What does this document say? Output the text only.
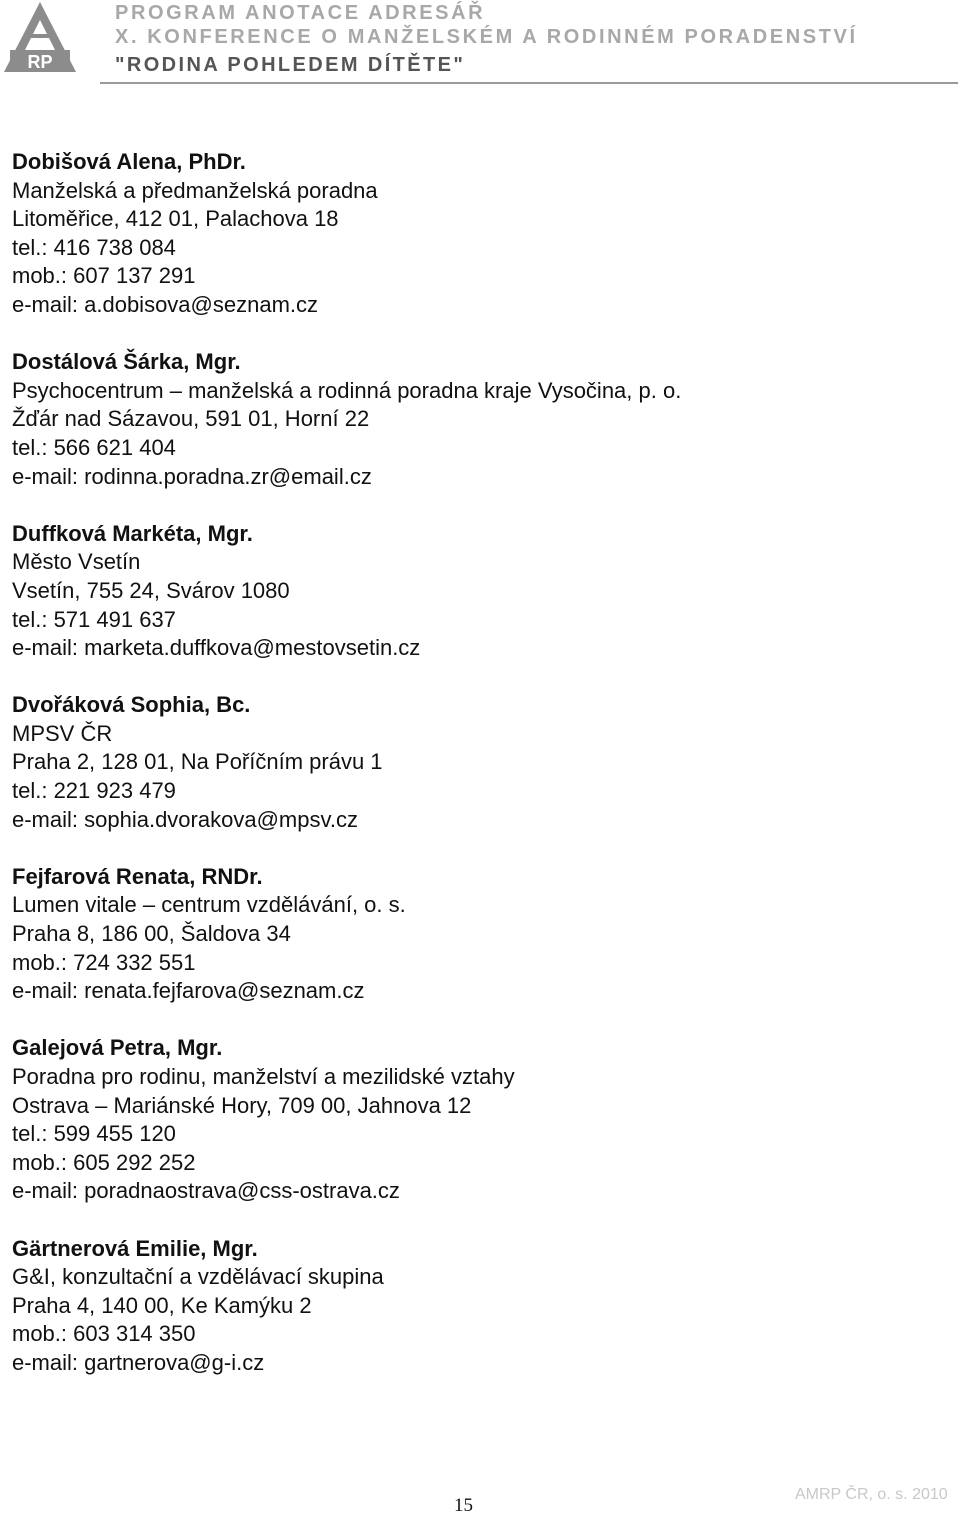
RP
PROGRAM ANOTACE ADRESÁŘ
X. KONFERENCE O MANŽELSKÉM A RODINNÉM PORADENSTVÍ
"RODINA POHLEDEM DÍTĚTE"
Dobišová Alena, PhDr.
Manželská a předmanželská poradna
Litoměřice, 412 01, Palachova 18
tel.: 416 738 084
mob.: 607 137 291
e-mail: a.dobisova@seznam.cz
Dostálová Šárka, Mgr.
Psychocentrum – manželská a rodinná poradna kraje Vysočina, p. o.
Žďár nad Sázavou, 591 01, Horní 22
tel.: 566 621 404
e-mail: rodinna.poradna.zr@email.cz
Duffková Markéta, Mgr.
Město Vsetín
Vsetín, 755 24, Svárov 1080
tel.: 571 491 637
e-mail: marketa.duffkova@mestovsetin.cz
Dvořáková Sophia, Bc.
MPSV ČR
Praha 2, 128 01, Na Poříčním právu 1
tel.: 221 923 479
e-mail: sophia.dvorakova@mpsv.cz
Fejfarová Renata, RNDr.
Lumen vitale – centrum vzdělávání, o. s.
Praha 8, 186 00, Šaldova 34
mob.: 724 332 551
e-mail: renata.fejfarova@seznam.cz
Galejová Petra, Mgr.
Poradna pro rodinu, manželství a mezilidské vztahy
Ostrava – Mariánské Hory, 709 00, Jahnova 12
tel.: 599 455 120
mob.: 605 292 252
e-mail: poradnaostrava@css-ostrava.cz
Gärtnerová Emilie, Mgr.
G&I, konzultační a vzdělávací skupina
Praha 4, 140 00, Ke Kamýku 2
mob.: 603 314 350
e-mail: gartnerova@g-i.cz
15
AMRP ČR, o. s. 2010
